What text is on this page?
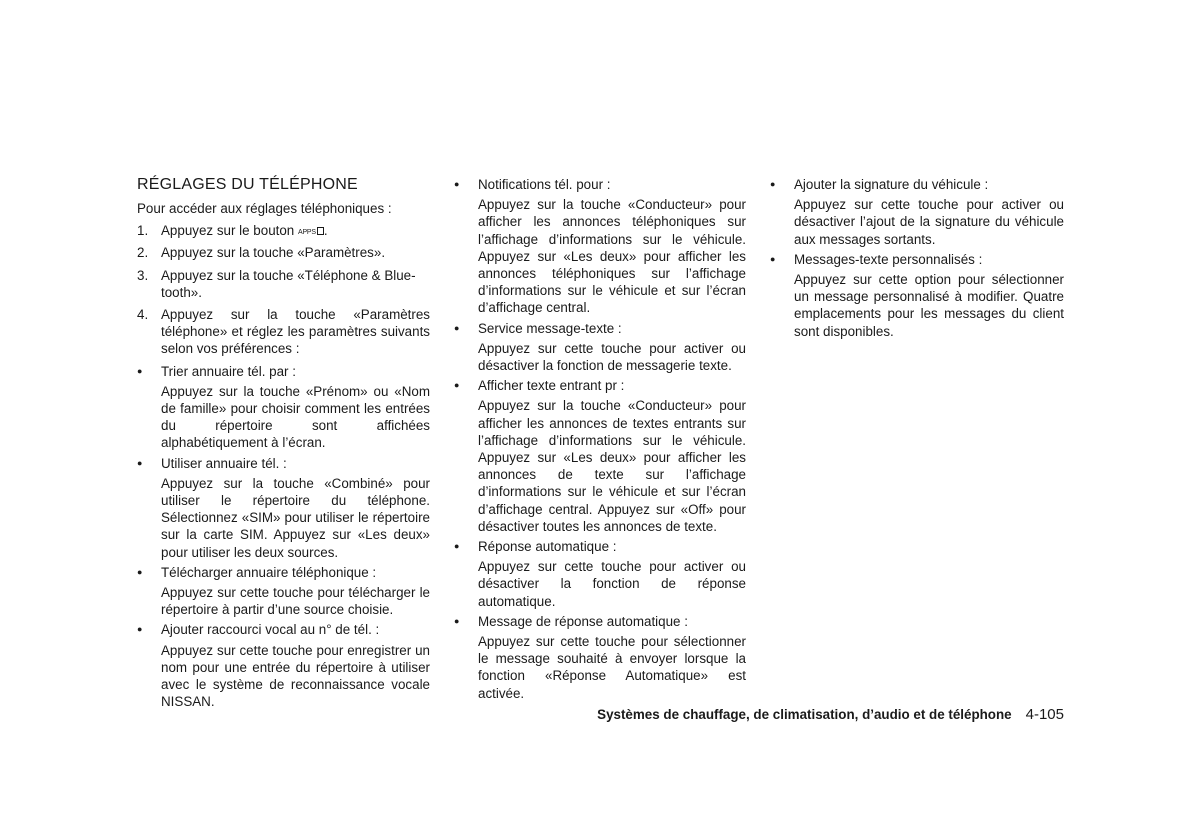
RÉGLAGES DU TÉLÉPHONE

Pour accéder aux réglages téléphoniques :

1. Appuyez sur le bouton APPS .
2. Appuyez sur la touche «Paramètres».
3. Appuyez sur la touche «Téléphone & Blue-
tooth».
4. Appuyez sur la touche «Paramètres téléphone» et réglez les paramètres suivants selon vos préférences :
●	Trier annuaire tél. par :

Appuyez sur la touche «Prénom» ou «Nom de famille» pour choisir comment les entrées du répertoire sont affichées alphabétiquement à l’écran.

●	Utiliser annuaire tél. :

Appuyez sur la touche «Combiné» pour utiliser le répertoire du téléphone. Sélectionnez «SIM» pour utiliser le répertoire sur la carte SIM. Appuyez sur «Les deux» pour utiliser les deux sources.

●	Télécharger annuaire téléphonique :

Appuyez sur cette touche pour télécharger le répertoire à partir d’une source choisie.

●	Ajouter raccourci vocal au n° de tél. :

Appuyez sur cette touche pour enregistrer un nom pour une entrée du répertoire à utiliser avec le système de reconnaissance vocale NISSAN.

●	Notifications tél. pour :

Appuyez sur la touche «Conducteur» pour afficher les annonces téléphoniques sur l’affichage d’informations sur le véhicule. Appuyez sur «Les deux» pour afficher les annonces téléphoniques sur l’affichage d’informations sur le véhicule et sur l’écran d’affichage central.

●	Service message-texte :

Appuyez sur cette touche pour activer ou désactiver la fonction de messagerie texte.

●	Afficher texte entrant pr :

Appuyez sur la touche «Conducteur» pour afficher les annonces de textes entrants sur l’affichage d’informations sur le véhicule. Appuyez sur «Les deux» pour afficher les annonces de texte sur l’affichage d’informations sur le véhicule et sur l’écran d’affichage central. Appuyez sur «Off» pour désactiver toutes les annonces de texte.

●	Réponse automatique :

Appuyez sur cette touche pour activer ou désactiver la fonction de réponse automatique.

●	Message de réponse automatique :

Appuyez sur cette touche pour sélectionner le message souhaité à envoyer lorsque la fonction «Réponse Automatique» est activée.

●	Ajouter la signature du véhicule :

Appuyez sur cette touche pour activer ou désactiver l’ajout de la signature du véhicule aux messages sortants.

●	Messages-texte personnalisés :

Appuyez sur cette option pour sélectionner un message personnalisé à modifier. Quatre emplacements pour les messages du client sont disponibles.

Systèmes de chauffage, de climatisation, d’audio et de téléphone 4-105
